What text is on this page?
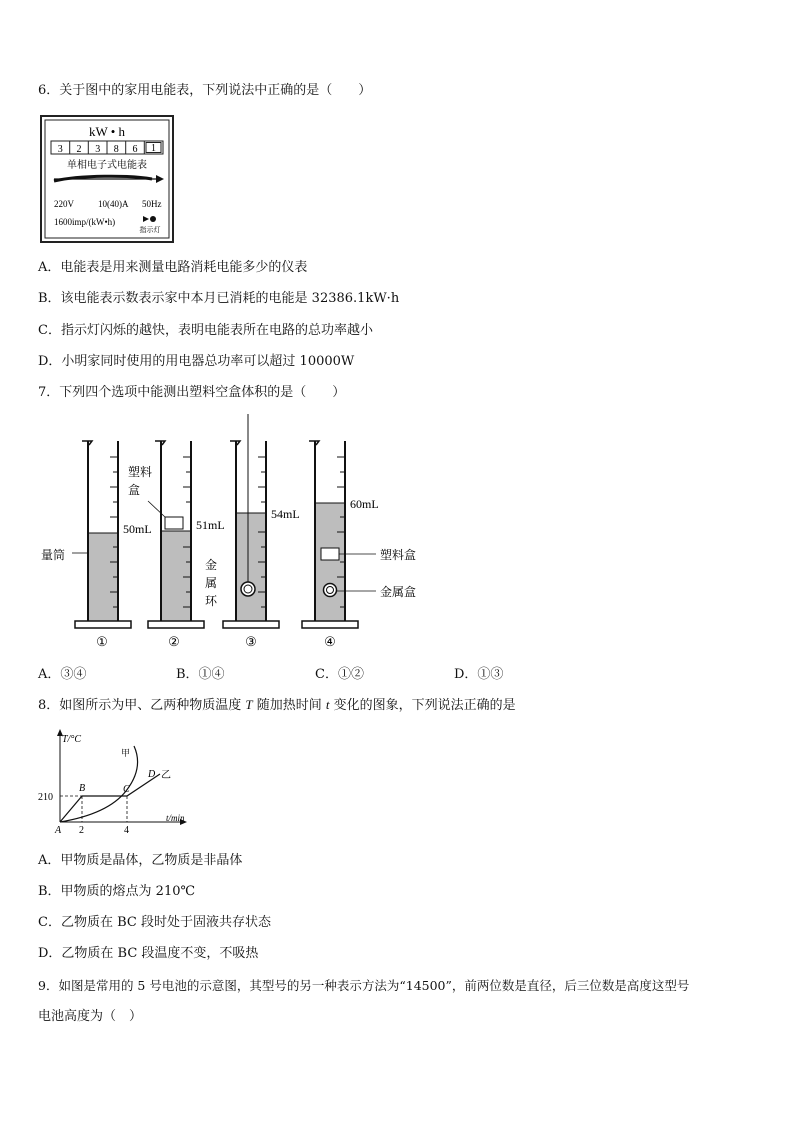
6．关于图中的家用电能表，下列说法中正确的是（　　）
kW • h
3 2 3 8 6 1
单相电子式电能表
220V	10(40)A 50Hz
1600imp/(kW•h)
指示灯
A．电能表是用来测量电路消耗电能多少的仪表
B．该电能表示数表示家中本月已消耗的电能是 32386.1kW·h
C．指示灯闪烁的越快，表明电能表所在电路的总功率越小
D．小明家同时使用的用电器总功率可以超过 10000W
7．下列四个选项中能测出塑料空盒体积的是（　　）
量筒
塑料
盒
50mL	51mL
54mL
60mL
金
属
环
塑料盒
金属盒
①	②	③	④
A．③④	B．①④	C．①②	D．①③
8．如图所示为甲、乙两种物质温度 T 随加热时间 t 变化的图象，下列说法正确的是
T/°C
t/min
A
210
2	4
B	C
D
甲
乙
A．甲物质是晶体，乙物质是非晶体
B．甲物质的熔点为 210℃
C．乙物质在 BC 段时处于固液共存状态
D．乙物质在 BC 段温度不变，不吸热
9．如图是常用的 5 号电池的示意图，其型号的另一种表示方法为“14500”，前两位数是直径，后三位数是高度这型号
电池高度为（　）
